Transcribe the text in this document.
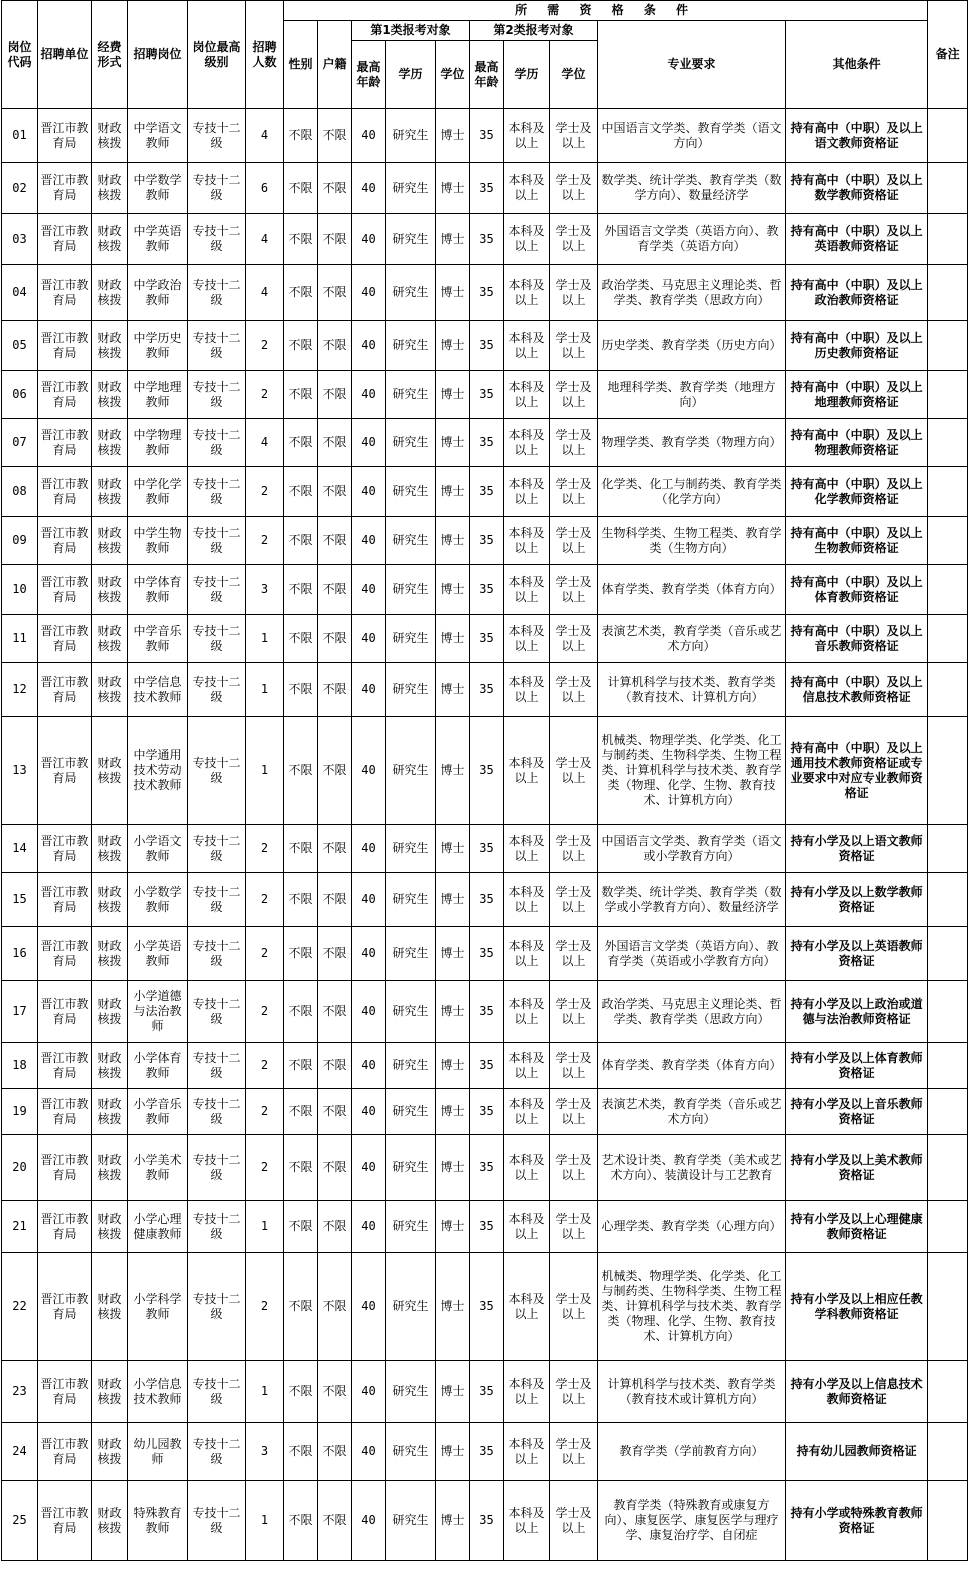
岗位代码	招聘单位	经费形式	招聘岗位	岗位最高级别	招聘人数	所 需 资 格 条 件										备注
						性别	户籍	第1类报考对象			第2类报考对象			专业要求	其他条件	
								最高年龄	学历	学位	最高年龄	学历	学位			
01	晋江市教育局	财政核拨	中学语文教师	专技十二级	4	不限	不限	40	研究生	博士	35	本科及以上	学士及以上	中国语言文学类、教育学类（语文方向）	持有高中（中职）及以上语文教师资格证	
02	晋江市教育局	财政核拨	中学数学教师	专技十二级	6	不限	不限	40	研究生	博士	35	本科及以上	学士及以上	数学类、统计学类、教育学类（数学方向）、数量经济学	持有高中（中职）及以上数学教师资格证	
03	晋江市教育局	财政核拨	中学英语教师	专技十二级	4	不限	不限	40	研究生	博士	35	本科及以上	学士及以上	外国语言文学类（英语方向）、教育学类（英语方向）	持有高中（中职）及以上英语教师资格证	
04	晋江市教育局	财政核拨	中学政治教师	专技十二级	4	不限	不限	40	研究生	博士	35	本科及以上	学士及以上	政治学类、马克思主义理论类、哲学类、教育学类（思政方向）	持有高中（中职）及以上政治教师资格证	
05	晋江市教育局	财政核拨	中学历史教师	专技十二级	2	不限	不限	40	研究生	博士	35	本科及以上	学士及以上	历史学类、教育学类（历史方向）	持有高中（中职）及以上历史教师资格证	
06	晋江市教育局	财政核拨	中学地理教师	专技十二级	2	不限	不限	40	研究生	博士	35	本科及以上	学士及以上	地理科学类、教育学类（地理方向）	持有高中（中职）及以上地理教师资格证	
07	晋江市教育局	财政核拨	中学物理教师	专技十二级	4	不限	不限	40	研究生	博士	35	本科及以上	学士及以上	物理学类、教育学类（物理方向）	持有高中（中职）及以上物理教师资格证	
08	晋江市教育局	财政核拨	中学化学教师	专技十二级	2	不限	不限	40	研究生	博士	35	本科及以上	学士及以上	化学类、化工与制药类、教育学类（化学方向）	持有高中（中职）及以上化学教师资格证	
09	晋江市教育局	财政核拨	中学生物教师	专技十二级	2	不限	不限	40	研究生	博士	35	本科及以上	学士及以上	生物科学类、生物工程类、教育学类（生物方向）	持有高中（中职）及以上生物教师资格证	
10	晋江市教育局	财政核拨	中学体育教师	专技十二级	3	不限	不限	40	研究生	博士	35	本科及以上	学士及以上	体育学类、教育学类（体育方向）	持有高中（中职）及以上体育教师资格证	
11	晋江市教育局	财政核拨	中学音乐教师	专技十二级	1	不限	不限	40	研究生	博士	35	本科及以上	学士及以上	表演艺术类，教育学类（音乐或艺术方向）	持有高中（中职）及以上音乐教师资格证	
12	晋江市教育局	财政核拨	中学信息技术教师	专技十二级	1	不限	不限	40	研究生	博士	35	本科及以上	学士及以上	计算机科学与技术类、教育学类（教育技术、计算机方向）	持有高中（中职）及以上信息技术教师资格证	
13	晋江市教育局	财政核拨	中学通用技术劳动技术教师	专技十二级	1	不限	不限	40	研究生	博士	35	本科及以上	学士及以上	机械类、物理学类、化学类、化工与制药类、生物科学类、生物工程类、计算机科学与技术类、教育学类（物理、化学、生物、教育技术、计算机方向）	持有高中（中职）及以上通用技术教师资格证或专业要求中对应专业教师资格证	
14	晋江市教育局	财政核拨	小学语文教师	专技十二级	2	不限	不限	40	研究生	博士	35	本科及以上	学士及以上	中国语言文学类、教育学类（语文或小学教育方向）	持有小学及以上语文教师资格证	
15	晋江市教育局	财政核拨	小学数学教师	专技十二级	2	不限	不限	40	研究生	博士	35	本科及以上	学士及以上	数学类、统计学类、教育学类（数学或小学教育方向）、数量经济学	持有小学及以上数学教师资格证	
16	晋江市教育局	财政核拨	小学英语教师	专技十二级	2	不限	不限	40	研究生	博士	35	本科及以上	学士及以上	外国语言文学类（英语方向）、教育学类（英语或小学教育方向）	持有小学及以上英语教师资格证	
17	晋江市教育局	财政核拨	小学道德与法治教师	专技十二级	2	不限	不限	40	研究生	博士	35	本科及以上	学士及以上	政治学类、马克思主义理论类、哲学类、教育学类（思政方向）	持有小学及以上政治或道德与法治教师资格证	
18	晋江市教育局	财政核拨	小学体育教师	专技十二级	2	不限	不限	40	研究生	博士	35	本科及以上	学士及以上	体育学类、教育学类（体育方向）	持有小学及以上体育教师资格证	
19	晋江市教育局	财政核拨	小学音乐教师	专技十二级	2	不限	不限	40	研究生	博士	35	本科及以上	学士及以上	表演艺术类，教育学类（音乐或艺术方向）	持有小学及以上音乐教师资格证	
20	晋江市教育局	财政核拨	小学美术教师	专技十二级	2	不限	不限	40	研究生	博士	35	本科及以上	学士及以上	艺术设计类、教育学类（美术或艺术方向）、装潢设计与工艺教育	持有小学及以上美术教师资格证	
21	晋江市教育局	财政核拨	小学心理健康教师	专技十二级	1	不限	不限	40	研究生	博士	35	本科及以上	学士及以上	心理学类、教育学类（心理方向）	持有小学及以上心理健康教师资格证	
22	晋江市教育局	财政核拨	小学科学教师	专技十二级	2	不限	不限	40	研究生	博士	35	本科及以上	学士及以上	机械类、物理学类、化学类、化工与制药类、生物科学类、生物工程类、计算机科学与技术类、教育学类（物理、化学、生物、教育技术、计算机方向）	持有小学及以上相应任教学科教师资格证	
23	晋江市教育局	财政核拨	小学信息技术教师	专技十二级	1	不限	不限	40	研究生	博士	35	本科及以上	学士及以上	计算机科学与技术类、教育学类（教育技术或计算机方向）	持有小学及以上信息技术教师资格证	
24	晋江市教育局	财政核拨	幼儿园教师	专技十二级	3	不限	不限	40	研究生	博士	35	本科及以上	学士及以上	教育学类（学前教育方向）	持有幼儿园教师资格证	
25	晋江市教育局	财政核拨	特殊教育教师	专技十二级	1	不限	不限	40	研究生	博士	35	本科及以上	学士及以上	教育学类（特殊教育或康复方向）、康复医学、康复医学与理疗学、康复治疗学、自闭症	持有小学或特殊教育教师资格证	
